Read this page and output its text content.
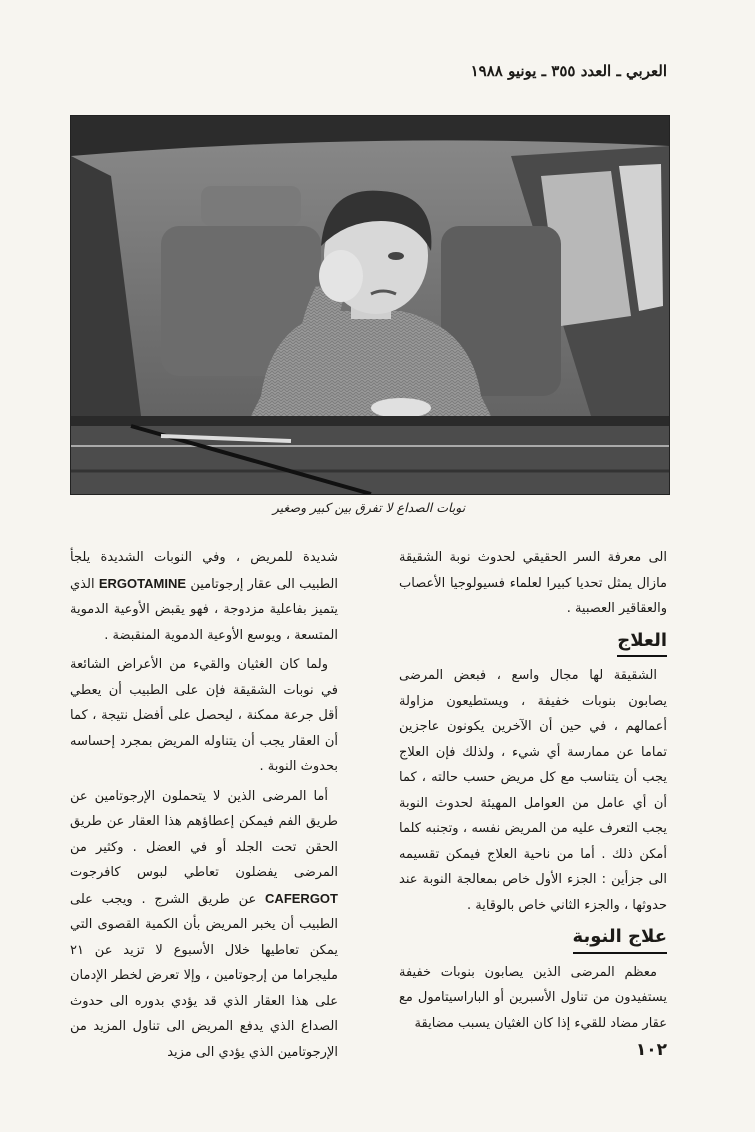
العربي ـ العدد ٣٥٥ ـ يونيو ١٩٨٨
نوبات الصداع لا تفرق بين كبير وصغير

الى معرفة السر الحقيقي لحدوث نوبة الشقيقة مازال يمثل تحديا كبيرا لعلماء فسيولوجيا الأعصاب والعقاقير العصبية .

العلاج

الشقيقة لها مجال واسع ، فبعض المرضى يصابون بنوبات خفيفة ، ويستطيعون مزاولة أعمالهم ، في حين أن الآخرين يكونون عاجزين تماما عن ممارسة أي شيء ، ولذلك فإن العلاج يجب أن يتناسب مع كل مريض حسب حالته ، كما أن أي عامل من العوامل المهيئة لحدوث النوبة يجب التعرف عليه من المريض نفسه ، وتجنبه كلما أمكن ذلك . أما من ناحية العلاج فيمكن تقسيمه الى جزأين : الجزء الأول خاص بمعالجة النوبة عند حدوثها ، والجزء الثاني خاص بالوقاية .

علاج النوبة

معظم المرضى الذين يصابون بنوبات خفيفة يستفيدون من تناول الأسبرين أو الباراسيتامول مع عقار مضاد للقيء إذا كان الغثيان يسبب مضايقة

شديدة للمريض ، وفي النوبات الشديدة يلجأ الطبيب الى عقار إرجوتامين ERGOTAMINE الذي يتميز بفاعلية مزدوجة ، فهو يقبض الأوعية الدموية المتسعة ، ويوسع الأوعية الدموية المنقبضة .

ولما كان الغثيان والقيء من الأعراض الشائعة في نوبات الشقيقة فإن على الطبيب أن يعطي أقل جرعة ممكنة ، ليحصل على أفضل نتيجة ، كما أن العقار يجب أن يتناوله المريض بمجرد إحساسه بحدوث النوبة .

أما المرضى الذين لا يتحملون الإرجوتامين عن طريق الفم فيمكن إعطاؤهم هذا العقار عن طريق الحقن تحت الجلد أو في العضل . وكثير من المرضى يفضلون تعاطي لبوس كافرجوت CAFERGOT عن طريق الشرج . ويجب على الطبيب أن يخبر المريض بأن الكمية القصوى التي يمكن تعاطيها خلال الأسبوع لا تزيد عن ٢١ مليجراما من إرجوتامين ، وإلا تعرض لخطر الإدمان على هذا العقار الذي قد يؤدي بدوره الى حدوث الصداع الذي يدفع المريض الى تناول المزيد من الإرجوتامين الذي يؤدي الى مزيد	١٠٢
